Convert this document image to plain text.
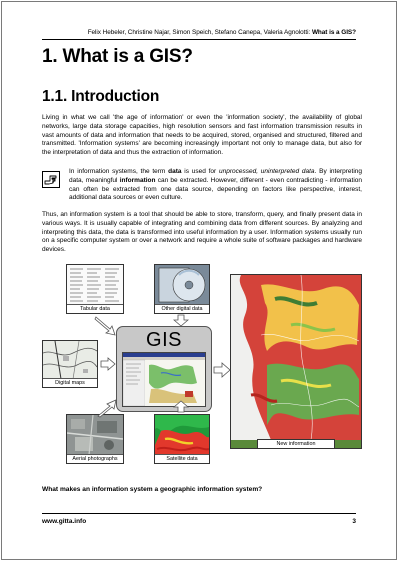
Felix Hebeler, Christine Najar, Simon Speich, Stefano Canepa, Valeria Agnolotti: What is a GIS?
1. What is a GIS?
1.1. Introduction

Living in what we call 'the age of information' or even the 'information society', the availability of global networks, large data storage capacities, high resolution sensors and fast information transmission results in vast amounts of data and information that needs to be acquired, stored, organised and structured, filtered and transmitted. 'Information systems' are becoming increasingly important not only to manage data, but also for the interpretation of data and thus the extraction of information.

In information systems, the term data is used for unprocessed, uninterpreted data. By interpreting data, meaningful information can be extracted. However, different - even contradicting - information can often be extracted from one data source, depending on factors like perspective, interest, additional data sources or even culture.

Thus, an information system is a tool that should be able to store, transform, query, and finally present data in various ways. It is usually capable of integrating and combining data from different sources. By analyzing and interpreting this data, the data is transformed into useful information by a user. Information systems usually run on a specific computer system or over a network and require a whole suite of software packages and hardware devices.

Tabular data	Other digital data
Digital maps
Aerial photographs	Satellite data
GIS
New information

What makes an information system a geographic information system?

www.gitta.info	3
